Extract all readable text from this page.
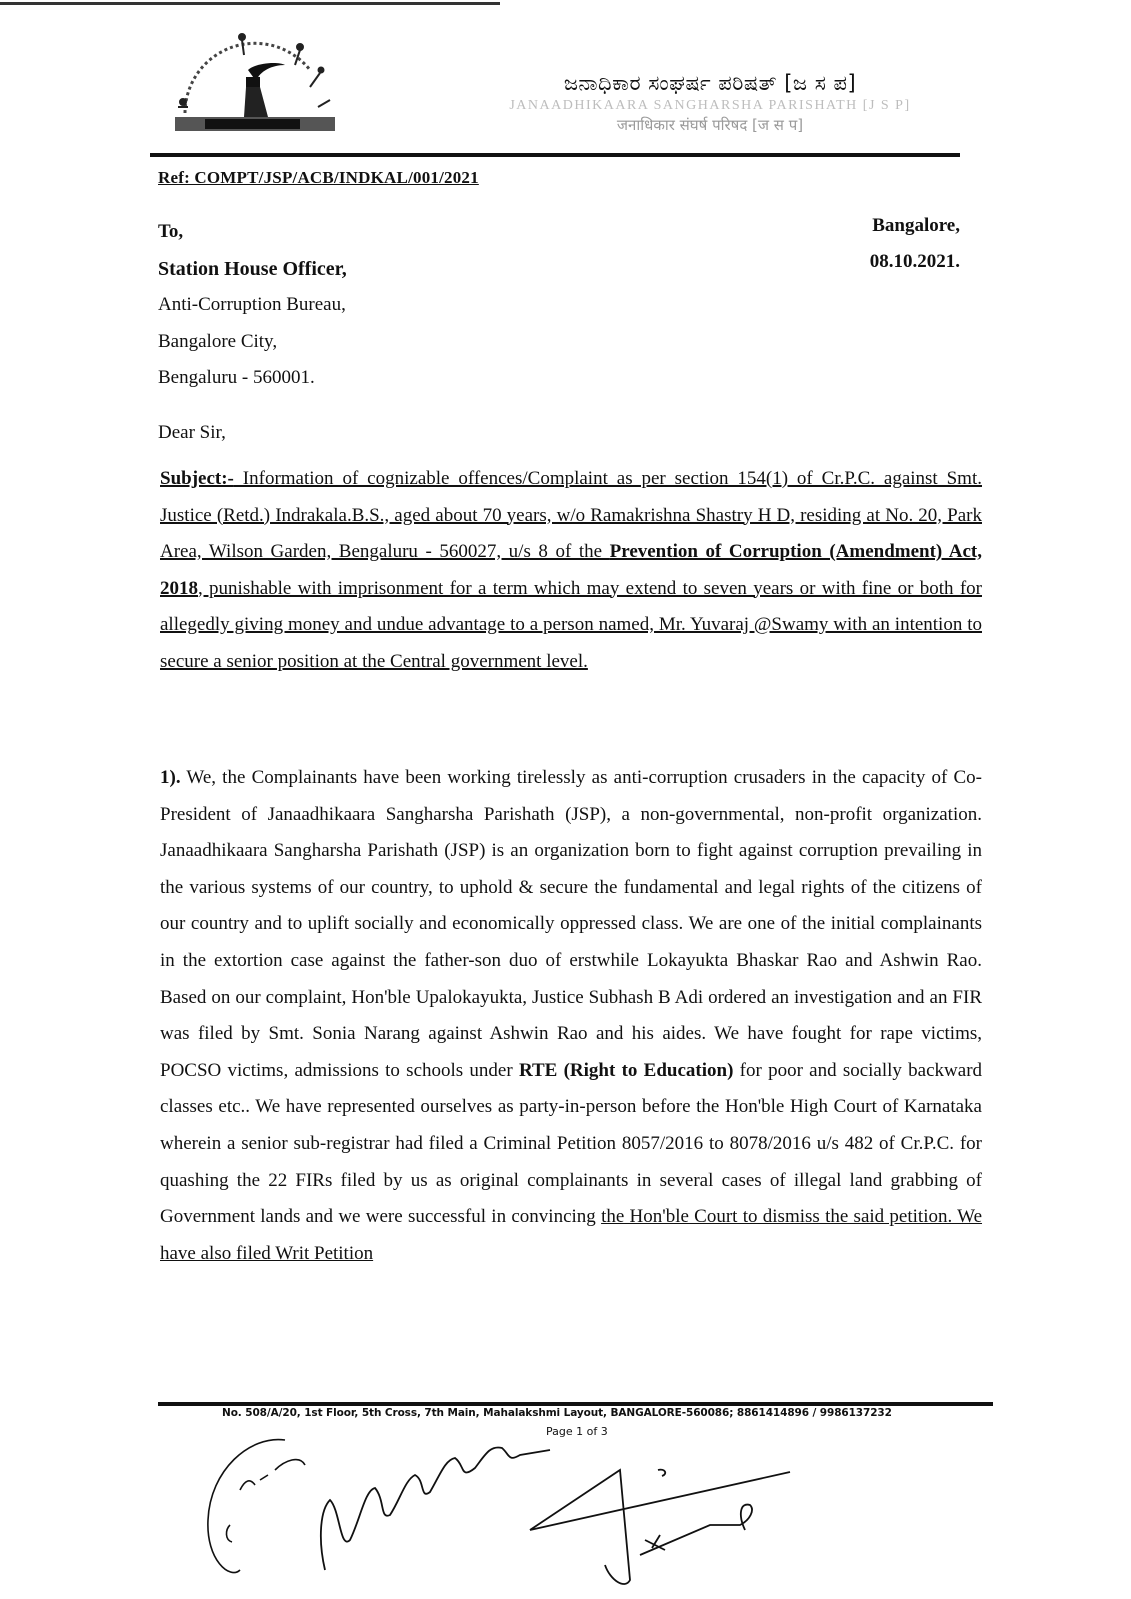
ಜನಾಧಿಕಾರ ಸಂಘರ್ಷ ಪರಿಷತ್ [ಜ ಸ ಪ]
JANAADHIKAARA SANGHARSHA PARISHATH [J S P]
जनाधिकार संघर्ष परिषद [ज स प]
Ref: COMPT/JSP/ACB/INDKAL/001/2021
To,
Station House Officer,
Anti-Corruption Bureau,
Bangalore City,
Bengaluru - 560001.
Bangalore,
08.10.2021.
Dear Sir,
Subject:- Information of cognizable offences/Complaint as per section 154(1) of Cr.P.C. against Smt. Justice (Retd.) Indrakala.B.S., aged about 70 years, w/o Ramakrishna Shastry H D, residing at No. 20, Park Area, Wilson Garden, Bengaluru - 560027, u/s 8 of the Prevention of Corruption (Amendment) Act, 2018, punishable with imprisonment for a term which may extend to seven years or with fine or both for allegedly giving money and undue advantage to a person named, Mr. Yuvaraj @Swamy with an intention to secure a senior position at the Central government level.
1). We, the Complainants have been working tirelessly as anti-corruption crusaders in the capacity of Co-President of Janaadhikaara Sangharsha Parishath (JSP), a non-governmental, non-profit organization. Janaadhikaara Sangharsha Parishath (JSP) is an organization born to fight against corruption prevailing in the various systems of our country, to uphold & secure the fundamental and legal rights of the citizens of our country and to uplift socially and economically oppressed class. We are one of the initial complainants in the extortion case against the father-son duo of erstwhile Lokayukta Bhaskar Rao and Ashwin Rao. Based on our complaint, Hon'ble Upalokayukta, Justice Subhash B Adi ordered an investigation and an FIR was filed by Smt. Sonia Narang against Ashwin Rao and his aides. We have fought for rape victims, POCSO victims, admissions to schools under RTE (Right to Education) for poor and socially backward classes etc.. We have represented ourselves as party-in-person before the Hon'ble High Court of Karnataka wherein a senior sub-registrar had filed a Criminal Petition 8057/2016 to 8078/2016 u/s 482 of Cr.P.C. for quashing the 22 FIRs filed by us as original complainants in several cases of illegal land grabbing of Government lands and we were successful in convincing the Hon'ble Court to dismiss the said petition. We have also filed Writ Petition
No. 508/A/20, 1st Floor, 5th Cross, 7th Main, Mahalakshmi Layout, BANGALORE-560086; 8861414896 / 9986137232
Page 1 of 3
